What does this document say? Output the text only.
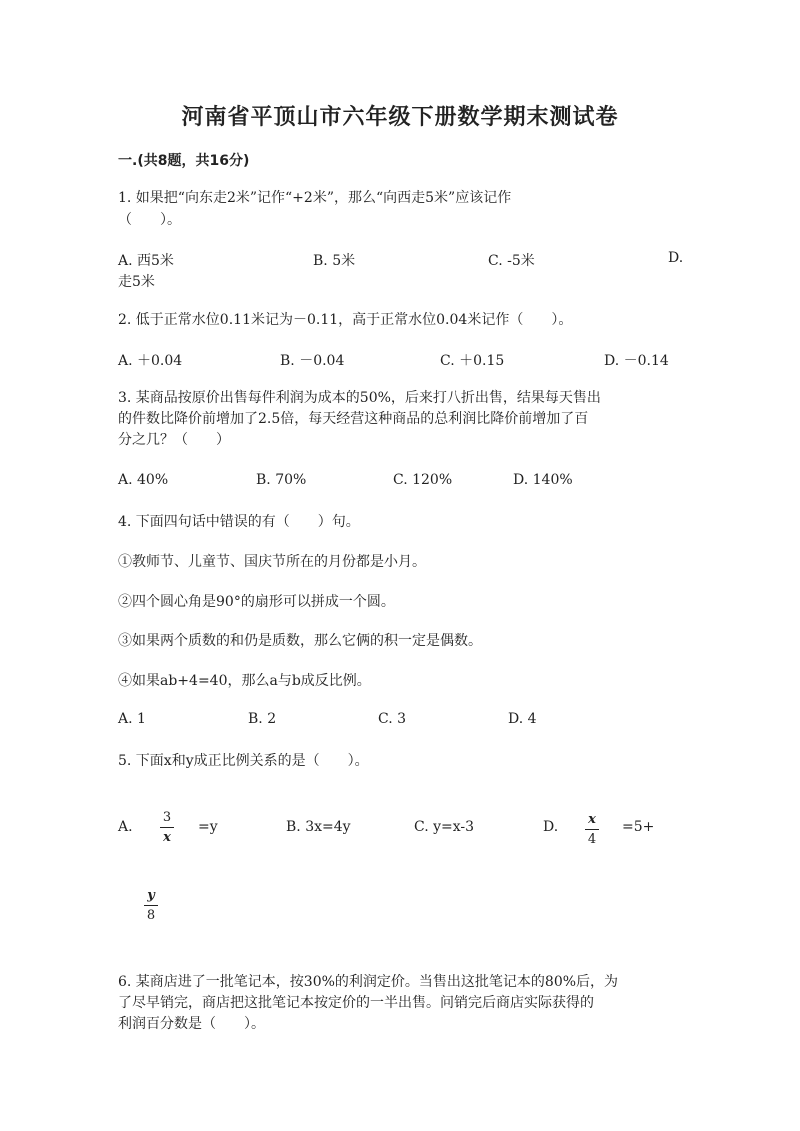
河南省平顶山市六年级下册数学期末测试卷
一.(共8题，共16分)
1. 如果把“向东走2米”记作“+2米”，那么“向西走5米”应该记作
（　　）。
A. 西5米	B. 5米	C. -5米	D.
走5米
2. 低于正常水位0.11米记为－0.11，高于正常水位0.04米记作（　　）。
A. ＋0.04	B. －0.04	C. ＋0.15	D. －0.14
3. 某商品按原价出售每件利润为成本的50%，后来打八折出售，结果每天售出
的件数比降价前增加了2.5倍，每天经营这种商品的总利润比降价前增加了百
分之几？（　　）
A. 40%	B. 70%	C. 120%	D. 140%
4. 下面四句话中错误的有（　　）句。
①教师节、儿童节、国庆节所在的月份都是小月。
②四个圆心角是90°的扇形可以拼成一个圆。
③如果两个质数的和仍是质数，那么它俩的积一定是偶数。
④如果ab+4=40，那么a与b成反比例。
A. 1	B. 2	C. 3	D. 4
5. 下面x和y成正比例关系的是（　　）。
A.
3
x
=y	B. 3x=4y	C. y=x-3	D. x
4
=5+
y
8
6. 某商店进了一批笔记本，按30%的利润定价。当售出这批笔记本的80%后，为
了尽早销完，商店把这批笔记本按定价的一半出售。问销完后商店实际获得的
利润百分数是（　　）。
